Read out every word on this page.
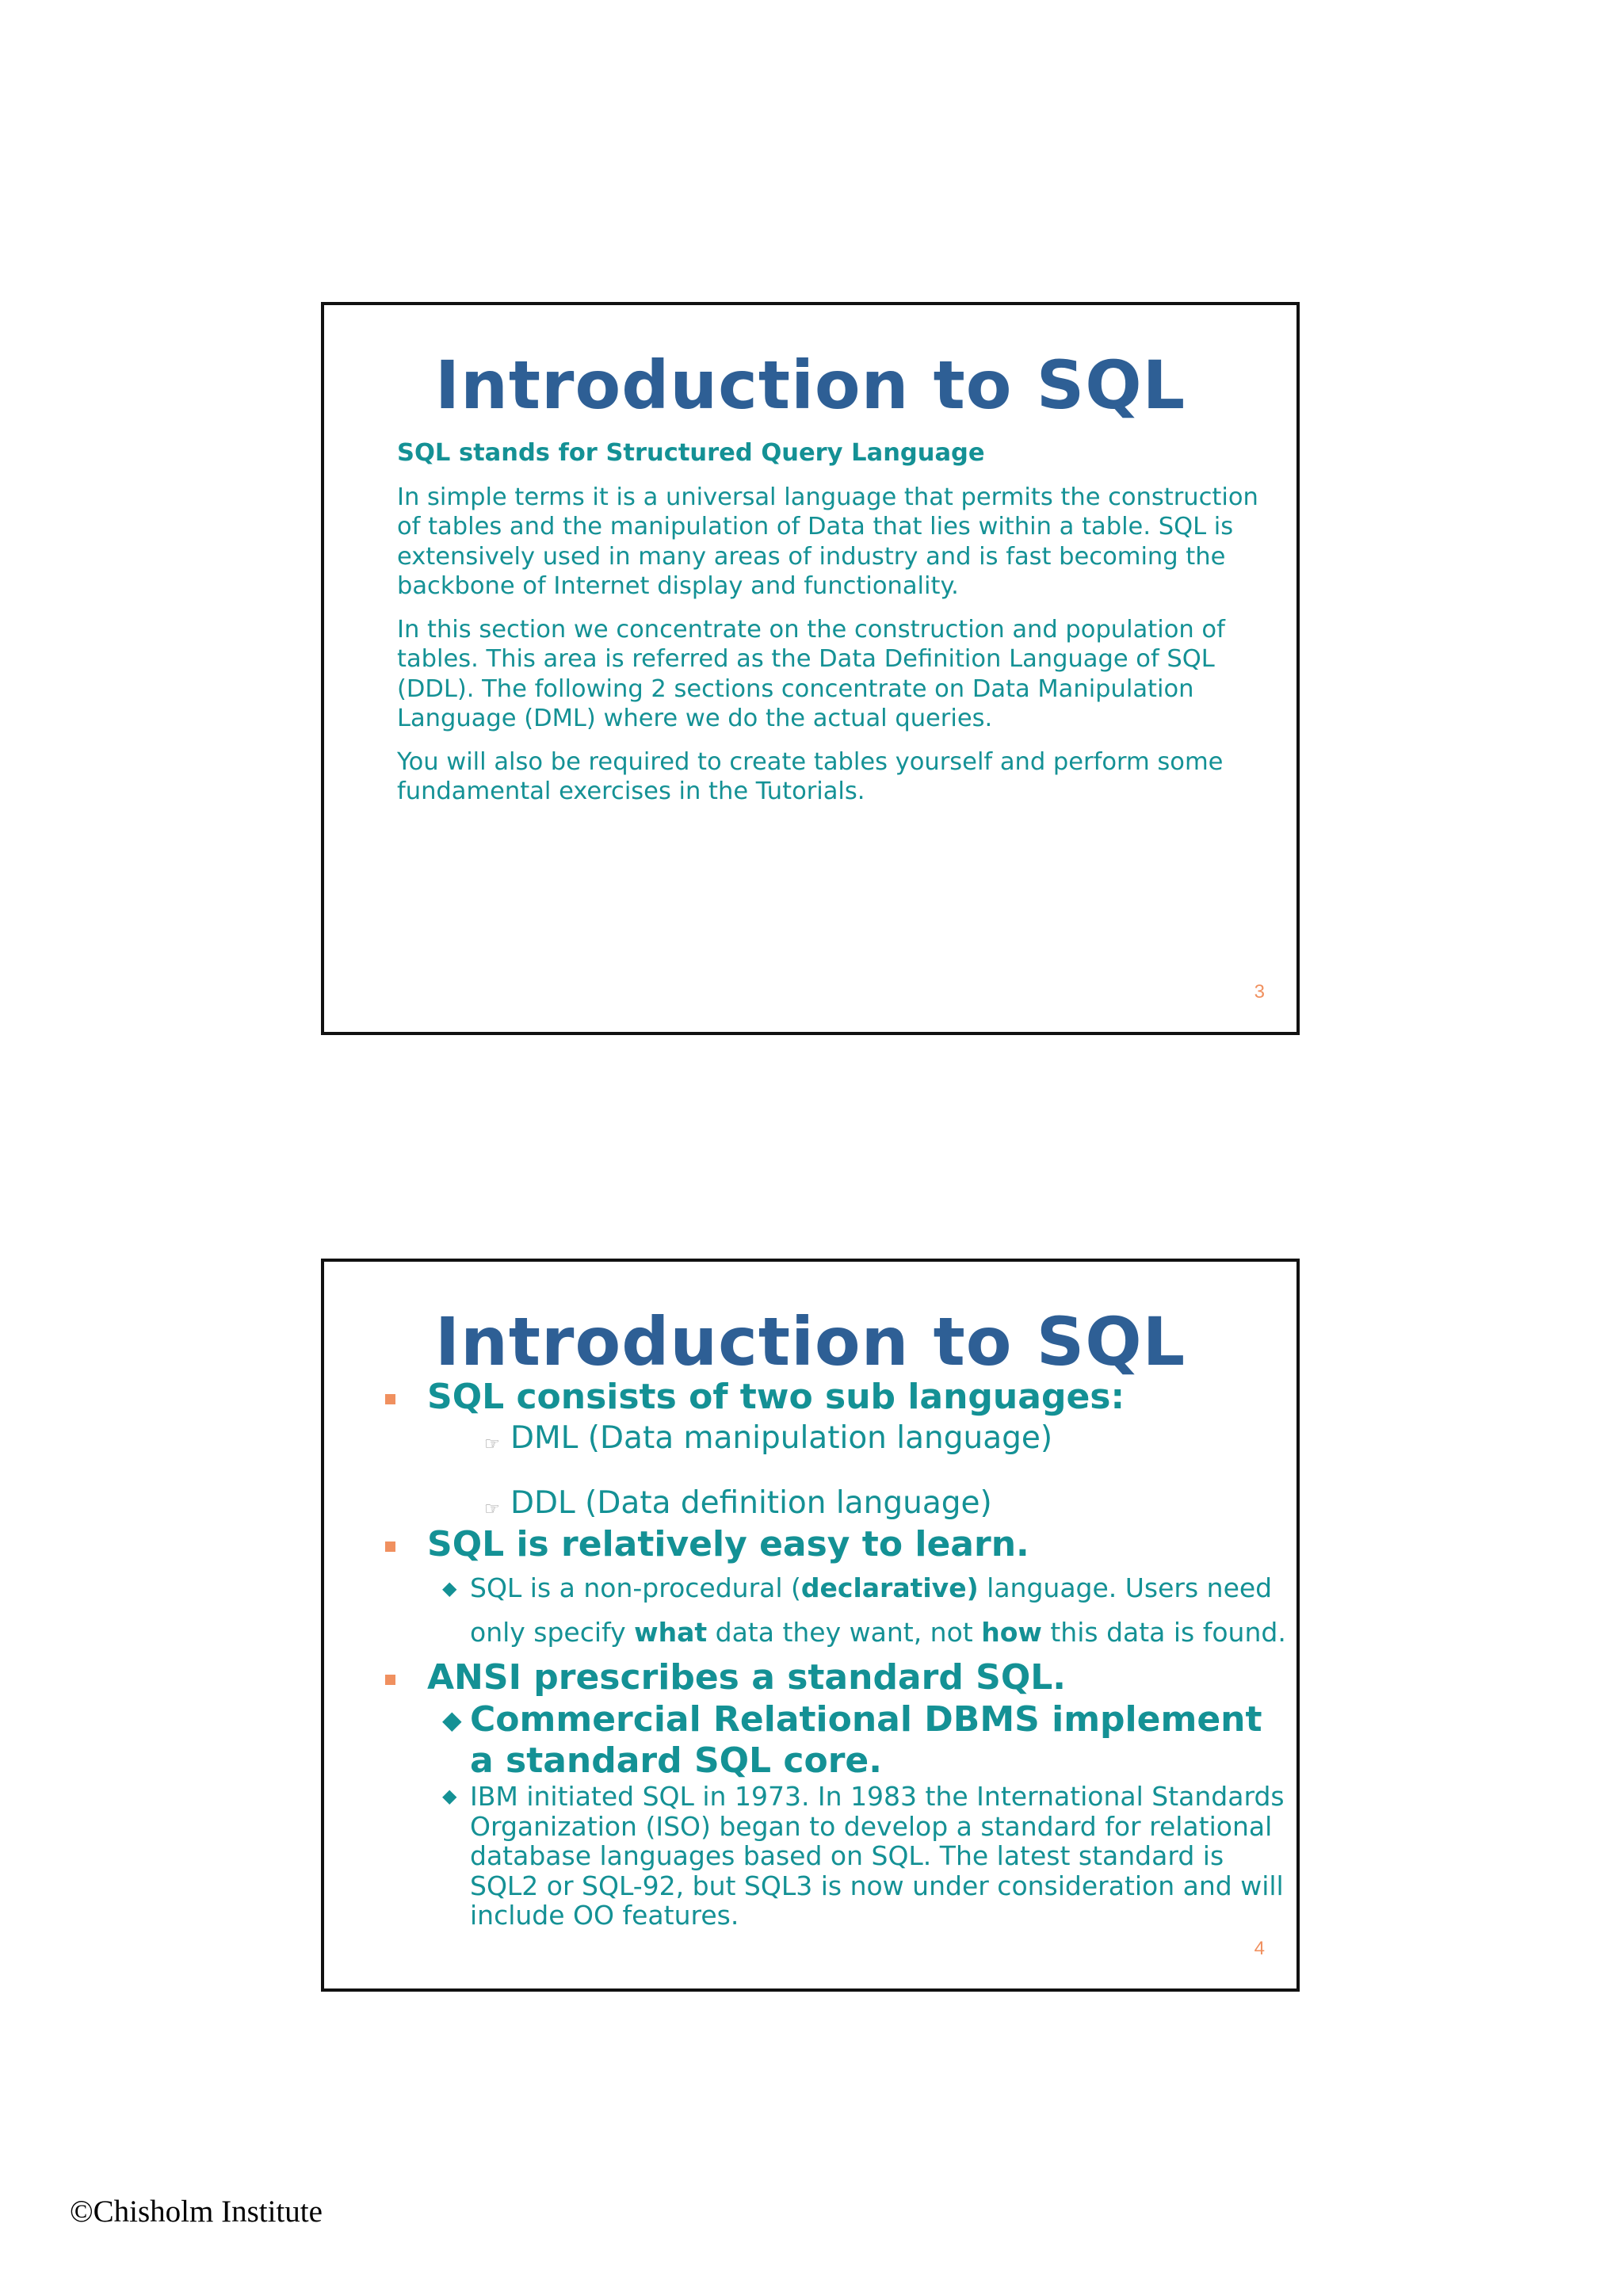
Introduction to SQL

SQL stands for Structured Query Language

In simple terms it is a universal language that permits the construction of tables and the manipulation of Data that lies within a table. SQL is extensively used in many areas of industry and is fast becoming the backbone of Internet display and functionality.

In this section we concentrate on the construction and population of tables. This area is referred as the Data Definition Language of SQL (DDL). The following 2 sections concentrate on Data Manipulation Language (DML) where we do the actual queries.

You will also be required to create tables yourself and perform some fundamental exercises in the Tutorials.

3
Introduction to SQL
SQL consists of two sub languages:
☞ DML (Data manipulation language)
☞ DDL (Data definition language)
SQL is relatively easy to learn.
◆ SQL is a non-procedural (declarative) language. Users need only specify what data they want, not how this data is found.
ANSI prescribes a standard SQL.
◆ Commercial Relational DBMS implement a standard SQL core.
◆ IBM initiated SQL in 1973. In 1983 the International Standards Organization (ISO) began to develop a standard for relational database languages based on SQL. The latest standard is SQL2 or SQL-92, but SQL3 is now under consideration and will include OO features.
4
©Chisholm Institute
